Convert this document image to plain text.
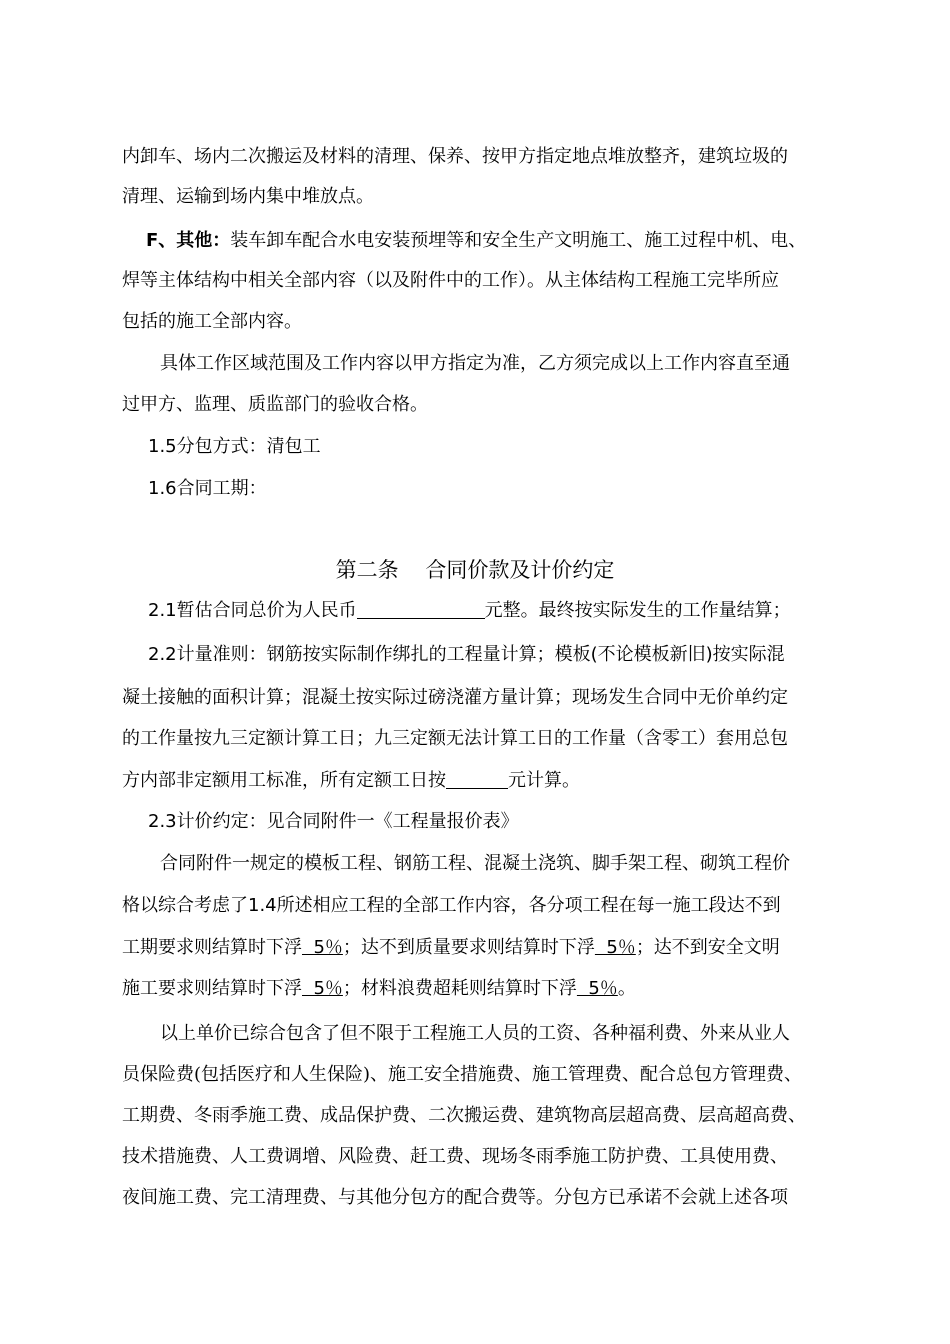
内卸车、场内二次搬运及材料的清理、保养、按甲方指定地点堆放整齐，建筑垃圾的
清理、运输到场内集中堆放点。
F、其他：装车卸车配合水电安装预埋等和安全生产文明施工、施工过程中机、电、
焊等主体结构中相关全部内容（以及附件中的工作）。从主体结构工程施工完毕所应
包括的施工全部内容。
具体工作区域范围及工作内容以甲方指定为准，乙方须完成以上工作内容直至通
过甲方、监理、质监部门的验收合格。
1.5分包方式：清包工
1.6合同工期：
第二条    合同价款及计价约定
2.1暂估合同总价为人民币	元整。最终按实际发生的工作量结算；
2.2计量准则：钢筋按实际制作绑扎的工程量计算；模板(不论模板新旧)按实际混
凝土接触的面积计算；混凝土按实际过磅浇灌方量计算；现场发生合同中无价单约定
的工作量按九三定额计算工日；九三定额无法计算工日的工作量（含零工）套用总包
方内部非定额用工标准，所有定额工日按	元计算。
2.3计价约定：见合同附件一《工程量报价表》
合同附件一规定的模板工程、钢筋工程、混凝土浇筑、脚手架工程、砌筑工程价
格以综合考虑了1.4所述相应工程的全部工作内容，各分项工程在每一施工段达不到
工期要求则结算时下浮  5％；达不到质量要求则结算时下浮  5％；达不到安全文明
施工要求则结算时下浮  5％；材料浪费超耗则结算时下浮  5％。
以上单价已综合包含了但不限于工程施工人员的工资、各种福利费、外来从业人
员保险费(包括医疗和人生保险)、施工安全措施费、施工管理费、配合总包方管理费、
工期费、冬雨季施工费、成品保护费、二次搬运费、建筑物高层超高费、层高超高费、
技术措施费、人工费调增、风险费、赶工费、现场冬雨季施工防护费、工具使用费、
夜间施工费、完工清理费、与其他分包方的配合费等。分包方已承诺不会就上述各项
